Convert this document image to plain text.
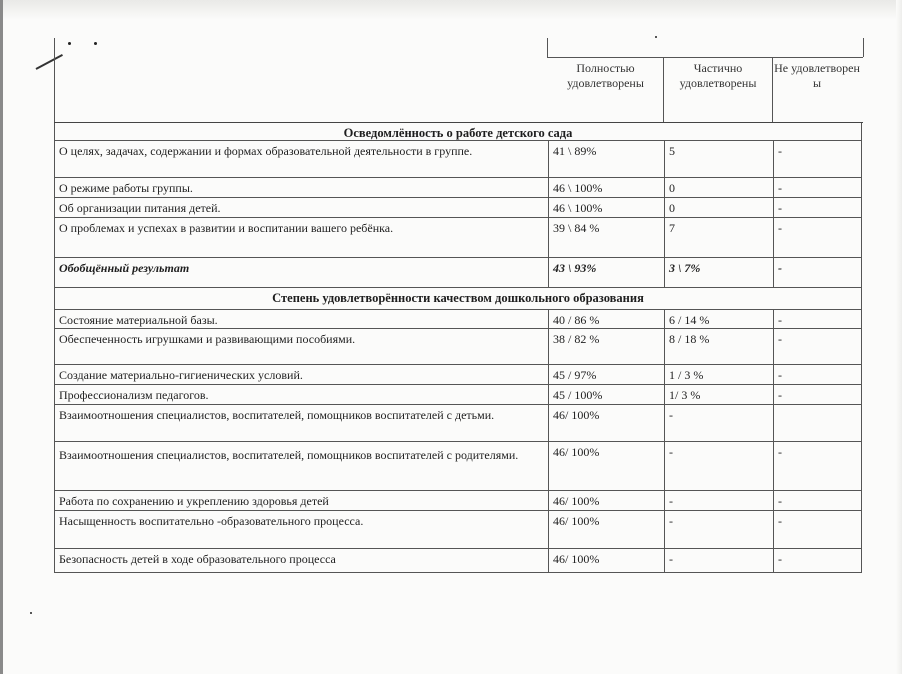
Полностью удовлетворены
Частично удовлетворены
Не удовлетворен ы
Осведомлённость о работе детского сада
О целях, задачах, содержании и формах образовательной деятельности в группе.	41 \ 89%	5	-
О режиме работы группы.	46 \ 100%	0	-
Об организации питания детей.	46 \ 100%	0	-
О проблемах и успехах в развитии и воспитании вашего ребёнка.	39 \ 84 %	7	-
Обобщённый результат	43 \ 93%	3 \ 7%	-
Степень удовлетворённости качеством дошкольного образования
Состояние материальной базы.	40 / 86 %	6 / 14 %	-
Обеспеченность игрушками и развивающими пособиями.	38 / 82 %	8 / 18 %	-
Создание материально-гигиенических условий.	45 / 97%	1 / 3 %	-
Профессионализм педагогов.	45 / 100%	1/ 3 %	-
Взаимоотношения специалистов, воспитателей, помощников воспитателей с детьми.	46/ 100%	-
Взаимоотношения специалистов, воспитателей, помощников воспитателей с родителями.	46/ 100%	-	-
Работа по сохранению и укреплению здоровья детей	46/ 100%	-	-
Насыщенность воспитательно -образовательного процесса.	46/ 100%	-	-
Безопасность детей в ходе образовательного процесса	46/ 100%	-	-
